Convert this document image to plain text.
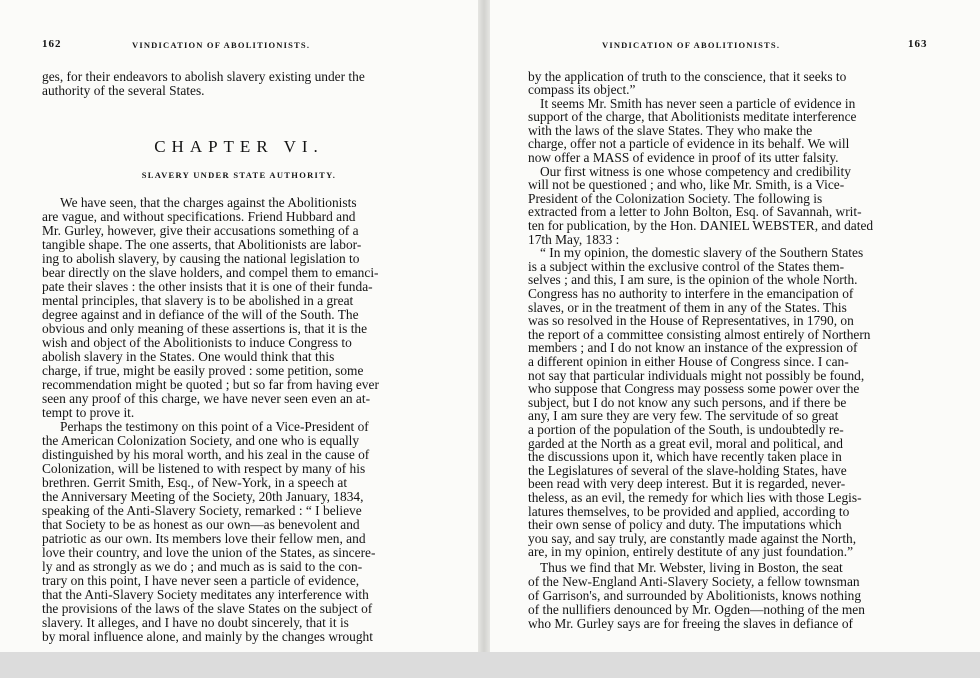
162	VINDICATION OF ABOLITIONISTS.
ges, for their endeavors to abolish slavery existing under the
authority of the several States.
CHAPTER VI.
SLAVERY UNDER STATE AUTHORITY.
We have seen, that the charges against the Abolitionists
are vague, and without specifications. Friend Hubbard and
Mr. Gurley, however, give their accusations something of a
tangible shape. The one asserts, that Abolitionists are labor-
ing to abolish slavery, by causing the national legislation to
bear directly on the slave holders, and compel them to emanci-
pate their slaves : the other insists that it is one of their funda-
mental principles, that slavery is to be abolished in a great
degree against and in defiance of the will of the South. The
obvious and only meaning of these assertions is, that it is the
wish and object of the Abolitionists to induce Congress to
abolish slavery in the States. One would think that this
charge, if true, might be easily proved : some petition, some
recommendation might be quoted ; but so far from having ever
seen any proof of this charge, we have never seen even an at-
tempt to prove it.
Perhaps the testimony on this point of a Vice-President of
the American Colonization Society, and one who is equally
distinguished by his moral worth, and his zeal in the cause of
Colonization, will be listened to with respect by many of his
brethren. Gerrit Smith, Esq., of New-York, in a speech at
the Anniversary Meeting of the Society, 20th January, 1834,
speaking of the Anti-Slavery Society, remarked : “ I believe
that Society to be as honest as our own—as benevolent and
patriotic as our own. Its members love their fellow men, and
love their country, and love the union of the States, as sincere-
ly and as strongly as we do ; and much as is said to the con-
trary on this point, I have never seen a particle of evidence,
that the Anti-Slavery Society meditates any interference with
the provisions of the laws of the slave States on the subject of
slavery. It alleges, and I have no doubt sincerely, that it is
by moral influence alone, and mainly by the changes wrought
VINDICATION OF ABOLITIONISTS.	163
by the application of truth to the conscience, that it seeks to
compass its object.”
It seems Mr. Smith has never seen a particle of evidence in
support of the charge, that Abolitionists meditate interference
with the laws of the slave States. They who make the
charge, offer not a particle of evidence in its behalf. We will
now offer a MASS of evidence in proof of its utter falsity.
Our first witness is one whose competency and credibility
will not be questioned ; and who, like Mr. Smith, is a Vice-
President of the Colonization Society. The following is
extracted from a letter to John Bolton, Esq. of Savannah, writ-
ten for publication, by the Hon. DANIEL WEBSTER, and dated
17th May, 1833 :
“ In my opinion, the domestic slavery of the Southern States
is a subject within the exclusive control of the States them-
selves ; and this, I am sure, is the opinion of the whole North.
Congress has no authority to interfere in the emancipation of
slaves, or in the treatment of them in any of the States. This
was so resolved in the House of Representatives, in 1790, on
the report of a committee consisting almost entirely of Northern
members ; and I do not know an instance of the expression of
a different opinion in either House of Congress since. I can-
not say that particular individuals might not possibly be found,
who suppose that Congress may possess some power over the
subject, but I do not know any such persons, and if there be
any, I am sure they are very few. The servitude of so great
a portion of the population of the South, is undoubtedly re-
garded at the North as a great evil, moral and political, and
the discussions upon it, which have recently taken place in
the Legislatures of several of the slave-holding States, have
been read with very deep interest. But it is regarded, never-
theless, as an evil, the remedy for which lies with those Legis-
latures themselves, to be provided and applied, according to
their own sense of policy and duty. The imputations which
you say, and say truly, are constantly made against the North,
are, in my opinion, entirely destitute of any just foundation.”
Thus we find that Mr. Webster, living in Boston, the seat
of the New-England Anti-Slavery Society, a fellow townsman
of Garrison's, and surrounded by Abolitionists, knows nothing
of the nullifiers denounced by Mr. Ogden—nothing of the men
who Mr. Gurley says are for freeing the slaves in defiance of
